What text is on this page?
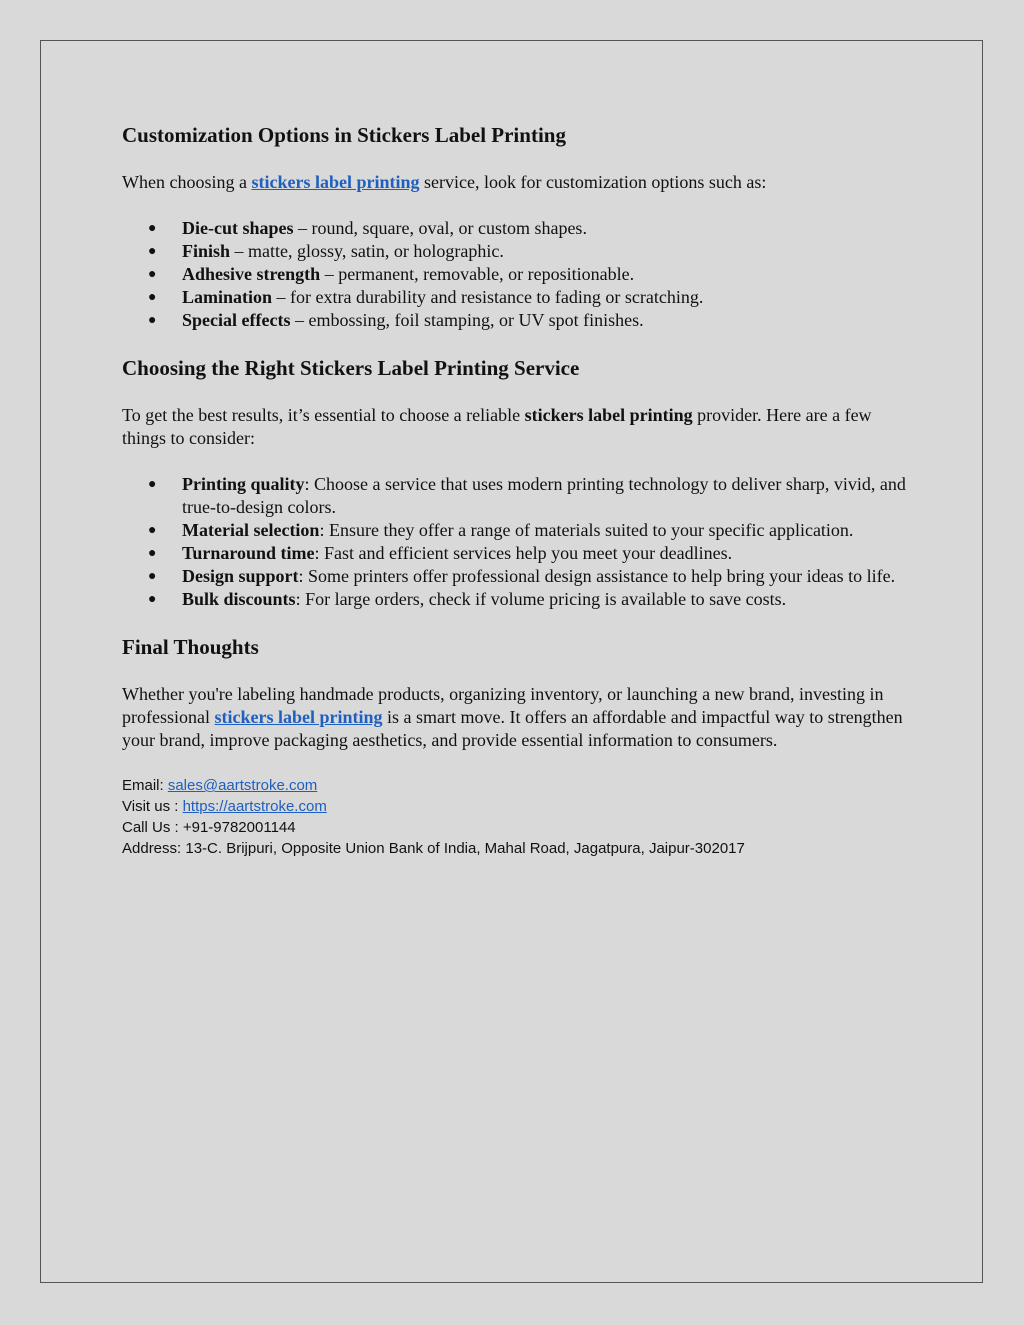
Customization Options in Stickers Label Printing

When choosing a stickers label printing service, look for customization options such as:

● Die-cut shapes – round, square, oval, or custom shapes.
● Finish – matte, glossy, satin, or holographic.
● Adhesive strength – permanent, removable, or repositionable.
● Lamination – for extra durability and resistance to fading or scratching.
● Special effects – embossing, foil stamping, or UV spot finishes.
Choosing the Right Stickers Label Printing Service

To get the best results, it’s essential to choose a reliable stickers label printing provider. Here are a few things to consider:

● Printing quality: Choose a service that uses modern printing technology to deliver sharp, vivid, and true-to-design colors.
● Material selection: Ensure they offer a range of materials suited to your specific application.
● Turnaround time: Fast and efficient services help you meet your deadlines.
● Design support: Some printers offer professional design assistance to help bring your ideas to life.
● Bulk discounts: For large orders, check if volume pricing is available to save costs.
Final Thoughts

Whether you're labeling handmade products, organizing inventory, or launching a new brand, investing in professional stickers label printing is a smart move. It offers an affordable and impactful way to strengthen your brand, improve packaging aesthetics, and provide essential information to consumers.

Email: sales@aartstroke.com
Visit us : https://aartstroke.com
Call Us : +91-9782001144
Address: 13-C. Brijpuri, Opposite Union Bank of India, Mahal Road, Jagatpura, Jaipur-302017
